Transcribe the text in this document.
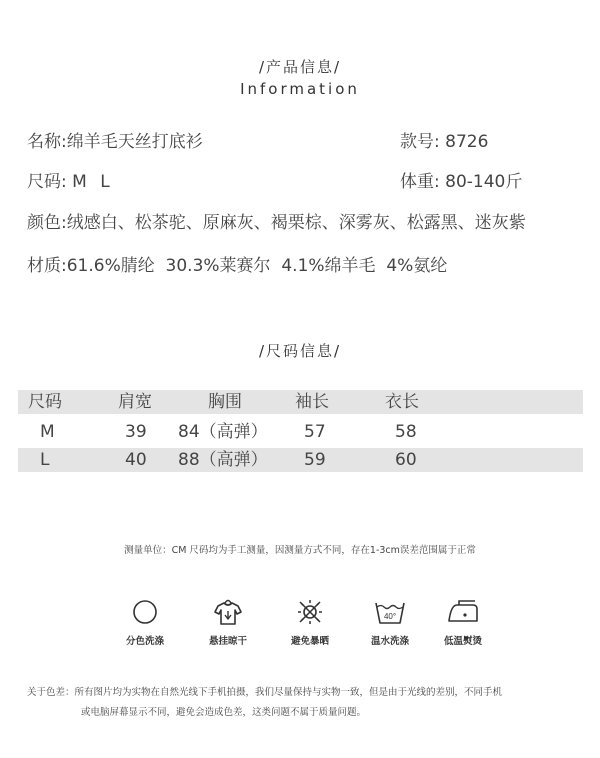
/产品信息/
Information
名称:绵羊毛天丝打底衫	款号: 8726
尺码: M L	体重: 80-140斤
颜色:绒感白、松茶驼、原麻灰、褐栗棕、深雾灰、松露黑、迷灰紫
材质:61.6%腈纶  30.3%莱赛尔  4.1%绵羊毛  4%氨纶
/尺码信息/
尺码	肩宽	胸围	袖长	衣长
M	39 84（高弹） 57	58
L	40 88（高弹） 59	60
测量单位：CM 尺码均为手工测量，因测量方式不同，存在1-3cm误差范围属于正常
分色洗涤	悬挂晾干	避免暴晒
40°
温水洗涤	低温熨烫
关于色差：所有图片均为实物在自然光线下手机拍摄，我们尽量保持与实物一致，但是由于光线的差别，不同手机
或电脑屏幕显示不同，避免会造成色差，这类问题不属于质量问题。
